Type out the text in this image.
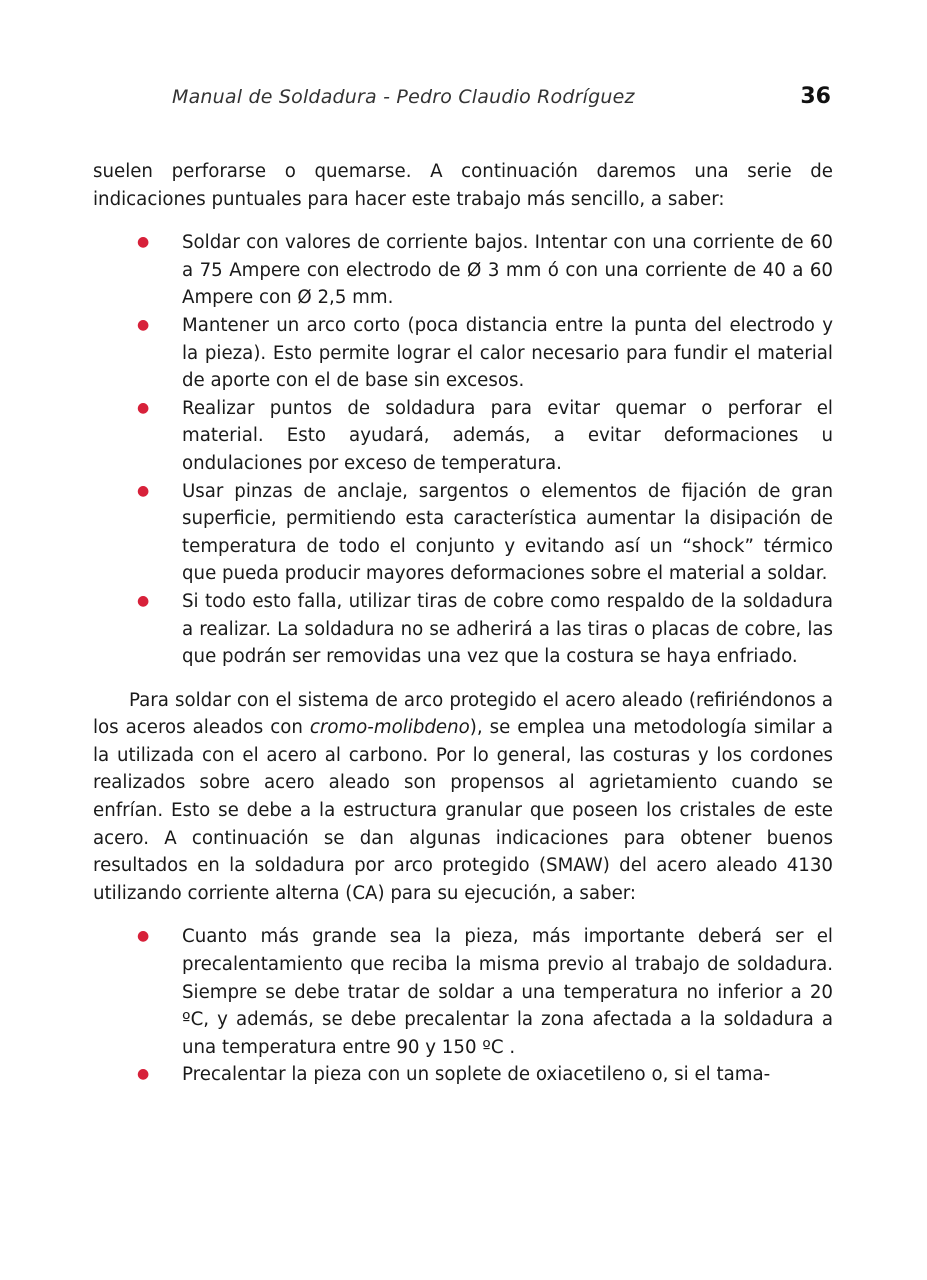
Manual de Soldadura - Pedro Claudio Rodríguez	36

suelen perforarse o quemarse. A continuación daremos una serie de indicaciones puntuales para hacer este trabajo más sencillo, a saber:

● Soldar con valores de corriente bajos. Intentar con una corriente de 60 a 75 Ampere con electrodo de Ø 3 mm ó con una corriente de 40 a 60 Ampere con Ø 2,5 mm.
● Mantener un arco corto (poca distancia entre la punta del electrodo y la pieza). Esto permite lograr el calor necesario para fundir el material de aporte con el de base sin excesos.
● Realizar puntos de soldadura para evitar quemar o perforar el material. Esto ayudará, además, a evitar deformaciones u ondulaciones por exceso de temperatura.
● Usar pinzas de anclaje, sargentos o elementos de fijación de gran superficie, permitiendo esta característica aumentar la disipación de temperatura de todo el conjunto y evitando así un “shock” térmico que pueda producir mayores deformaciones sobre el material a soldar.
● Si todo esto falla, utilizar tiras de cobre como respaldo de la soldadura a realizar. La soldadura no se adherirá a las tiras o placas de cobre, las que podrán ser removidas una vez que la costura se haya enfriado.

Para soldar con el sistema de arco protegido el acero aleado (refiriéndonos a los aceros aleados con cromo-molibdeno), se emplea una metodología similar a la utilizada con el acero al carbono. Por lo general, las costuras y los cordones realizados sobre acero aleado son propensos al agrietamiento cuando se enfrían. Esto se debe a la estructura granular que poseen los cristales de este acero. A continuación se dan algunas indicaciones para obtener buenos resultados en la soldadura por arco protegido (SMAW) del acero aleado 4130 utilizando corriente alterna (CA) para su ejecución, a saber:

● Cuanto más grande sea la pieza, más importante deberá ser el precalentamiento que reciba la misma previo al trabajo de soldadura. Siempre se debe tratar de soldar a una temperatura no inferior a 20 ºC, y además, se debe precalentar la zona afectada a la soldadura a una temperatura entre 90 y 150 ºC .
● Precalentar la pieza con un soplete de oxiacetileno o, si el tama-
